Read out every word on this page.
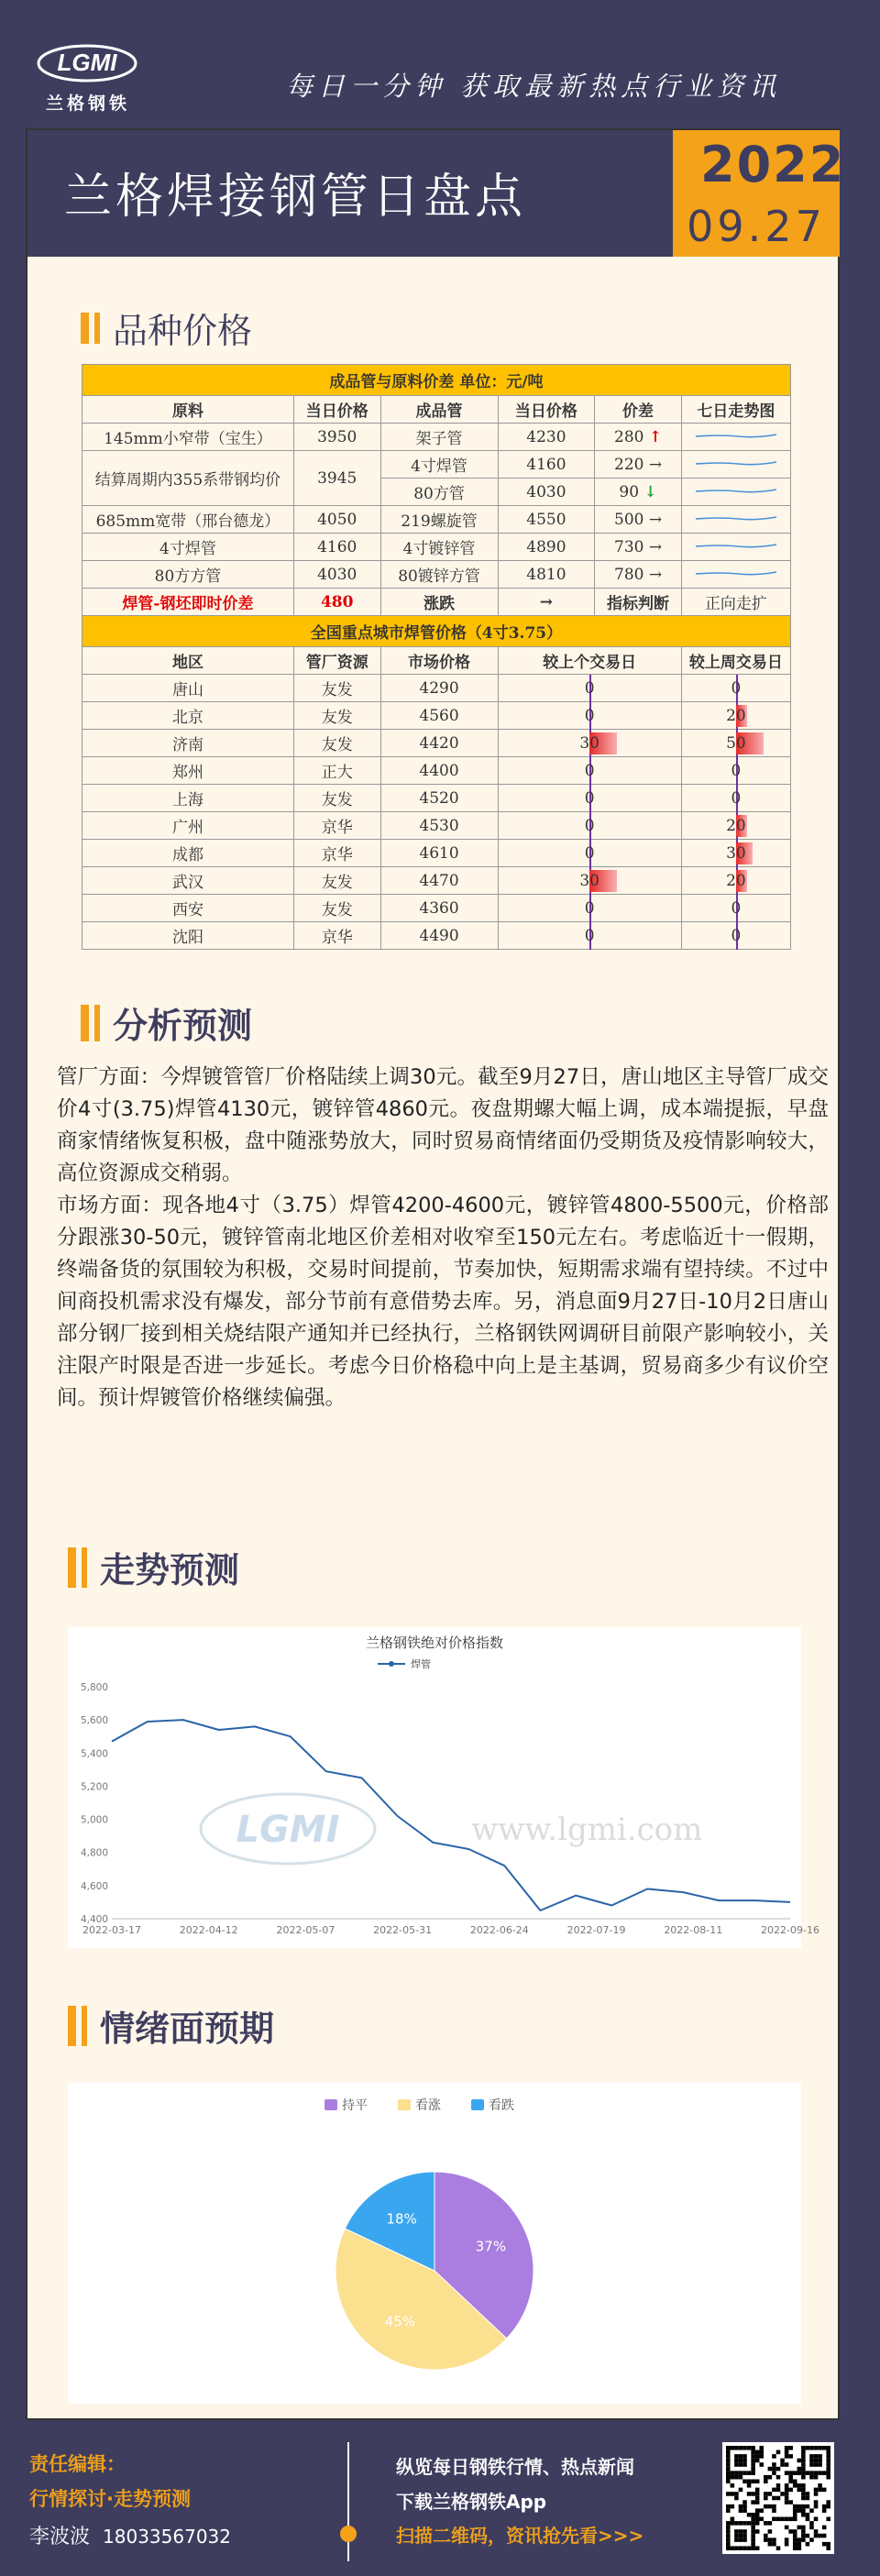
LGMI
兰格钢铁
每日一分钟 获取最新热点行业资讯
兰格焊接钢管日盘点
2022
09.27
品种价格
成品管与原料价差 单位：元/吨					
原料	当日价格	成品管	当日价格	价差	七日走势图
145mm小窄带（宝生）	3950	架子管	4230	280 ↑	
结算周期内355系带钢均价	3945	4寸焊管	4160	220 →	
		80方管	4030	90 ↓	
685mm宽带（邢台德龙）	4050	219螺旋管	4550	500 →	
4寸焊管	4160	4寸镀锌管	4890	730 →	
80方方管	4030	80镀锌方管	4810	780 →	
焊管-钢坯即时价差	480	涨跌	→	指标判断	正向走扩
全国重点城市焊管价格（4寸3.75）					
地区	管厂资源	市场价格	较上个交易日		较上周交易日
唐山	友发	4290	0		0
北京	友发	4560	0		20
济南	友发	4420	30		50
郑州	正大	4400	0		0
上海	友发	4520	0		0
广州	京华	4530	0		20
成都	京华	4610	0		30
武汉	友发	4470	30		20
西安	友发	4360	0		0
沈阳	京华	4490	0		0
分析预测
管厂方面：今焊镀管管厂价格陆续上调30元。截至9月27日，唐山地区主导管厂成交价4寸(3.75)焊管4130元，镀锌管4860元。夜盘期螺大幅上调，成本端提振，早盘商家情绪恢复积极，盘中随涨势放大，同时贸易商情绪面仍受期货及疫情影响较大，高位资源成交稍弱。
市场方面：现各地4寸（3.75）焊管4200-4600元，镀锌管4800-5500元，价格部分跟涨30-50元，镀锌管南北地区价差相对收窄至150元左右。考虑临近十一假期，终端备货的氛围较为积极，交易时间提前，节奏加快，短期需求端有望持续。不过中间商投机需求没有爆发，部分节前有意借势去库。另，消息面9月27日-10月2日唐山部分钢厂接到相关烧结限产通知并已经执行，兰格钢铁网调研目前限产影响较小，关注限产时限是否进一步延长。考虑今日价格稳中向上是主基调，贸易商多少有议价空间。预计焊镀管价格继续偏强。
走势预测
兰格钢铁绝对价格指数
焊管
5,800
5,600
5,400
5,200
5,000
4,800
4,600
4,400
2022-03-17	2022-04-12	2022-05-07	2022-05-31	2022-06-24	2022-07-19	2022-08-11	2022-09-16
LGMI	www.lgmi.com
情绪面预期
持平	看涨	看跌
37%
45%
18%
责任编辑：
行情探讨·走势预测
李波波 18033567032
纵览每日钢铁行情、热点新闻
下载兰格钢铁App
扫描二维码，资讯抢先看>>>
